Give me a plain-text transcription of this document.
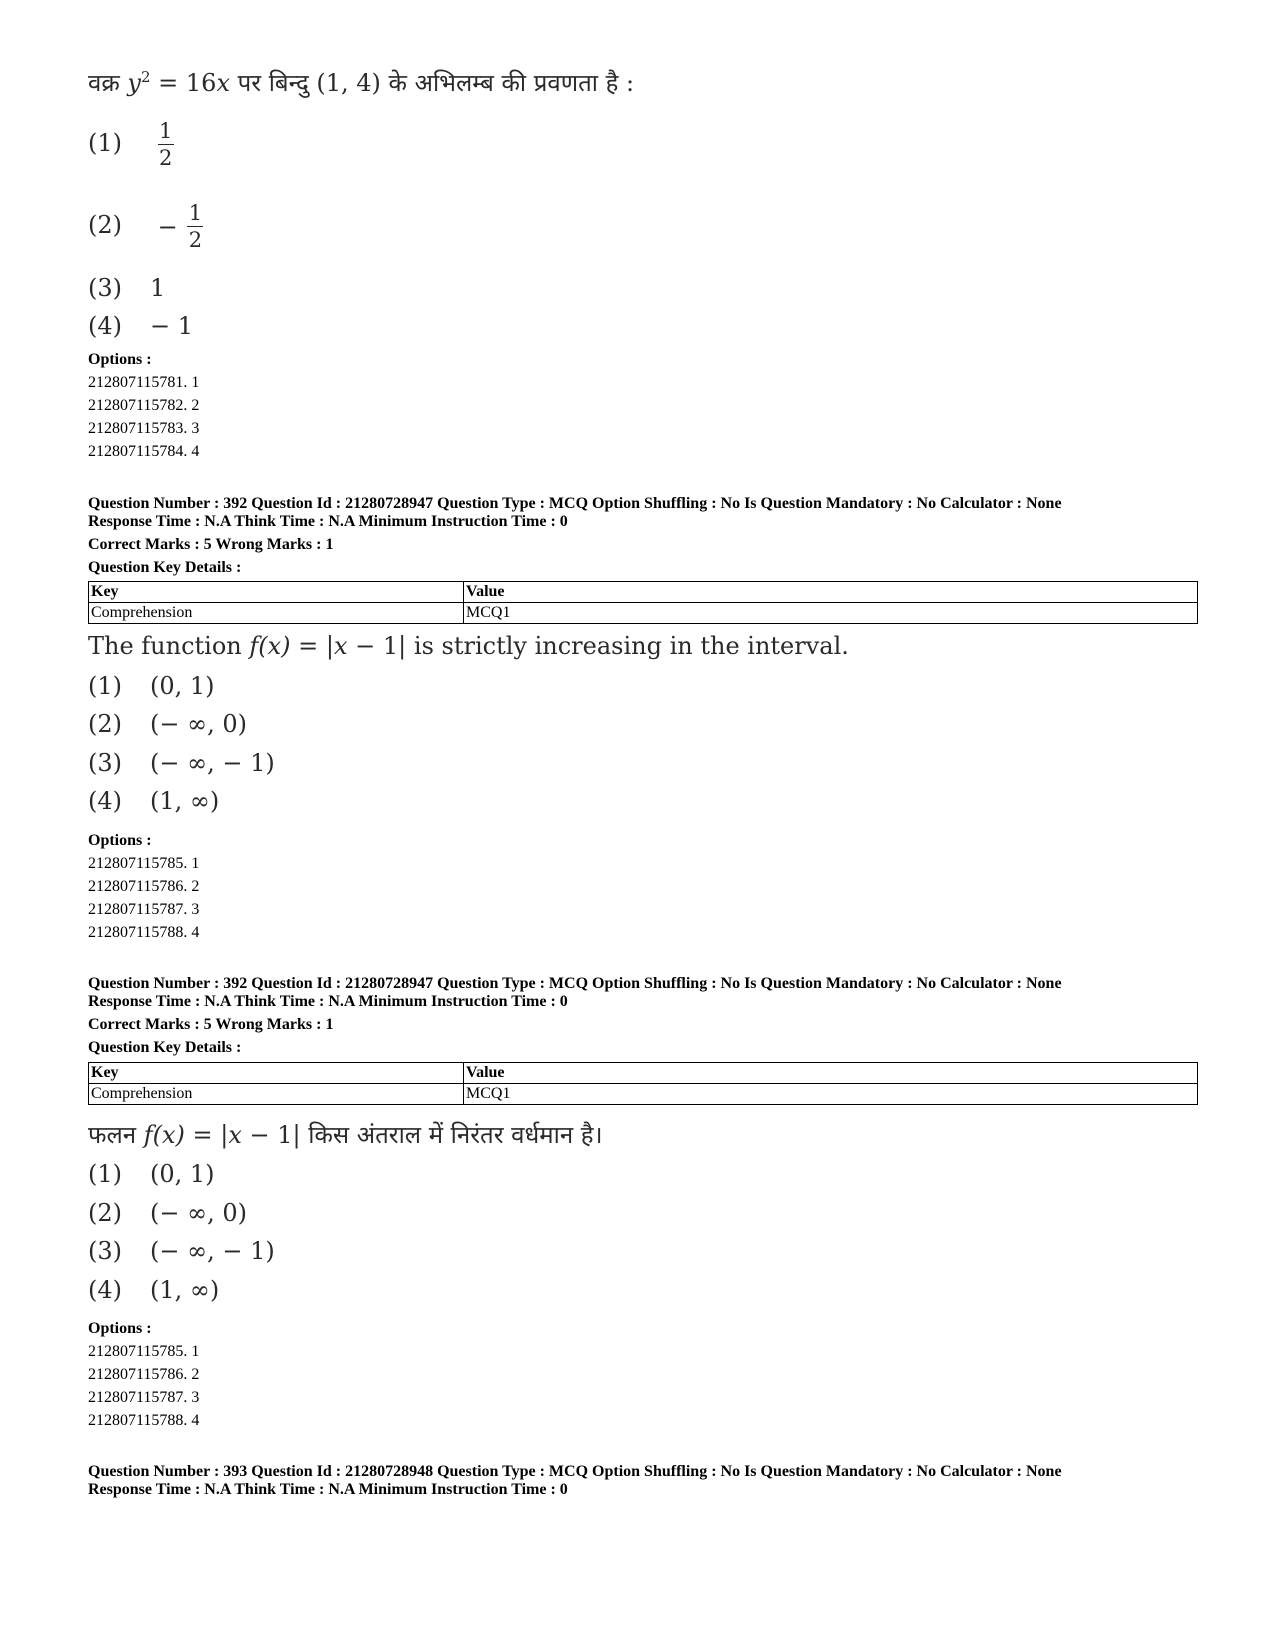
वक्र $y^2 = 16x$ पर बिन्दु (1, 4) के अभिलम्ब की प्रवणता है :
$(1) \frac{1}{2}$
$(2) - \frac{1}{2}$
(3) 1
(4) − 1
Options :
212807115781. 1
212807115782. 2
212807115783. 3
212807115784. 4
Question Number : 392 Question Id : 21280728947 Question Type : MCQ Option Shuffling : No Is Question Mandatory : No Calculator : None
Response Time : N.A Think Time : N.A Minimum Instruction Time : 0
Correct Marks : 5 Wrong Marks : 1
Question Key Details :
Key	Value
Comprehension	MCQ1
The function f(x) = |x − 1| is strictly increasing in the interval.
(1) (0, 1)
(2) (− ∞, 0)
(3) (− ∞, − 1)
(4) (1, ∞)
Options :
212807115785. 1
212807115786. 2
212807115787. 3
212807115788. 4
Question Number : 392 Question Id : 21280728947 Question Type : MCQ Option Shuffling : No Is Question Mandatory : No Calculator : None
Response Time : N.A Think Time : N.A Minimum Instruction Time : 0
Correct Marks : 5 Wrong Marks : 1
Question Key Details :
Key	Value
Comprehension	MCQ1
फलन f(x) = |x − 1| किस अंतराल में निरंतर वर्धमान है।
(1) (0, 1)
(2) (− ∞, 0)
(3) (− ∞, − 1)
(4) (1, ∞)
Options :
212807115785. 1
212807115786. 2
212807115787. 3
212807115788. 4
Question Number : 393 Question Id : 21280728948 Question Type : MCQ Option Shuffling : No Is Question Mandatory : No Calculator : None
Response Time : N.A Think Time : N.A Minimum Instruction Time : 0
